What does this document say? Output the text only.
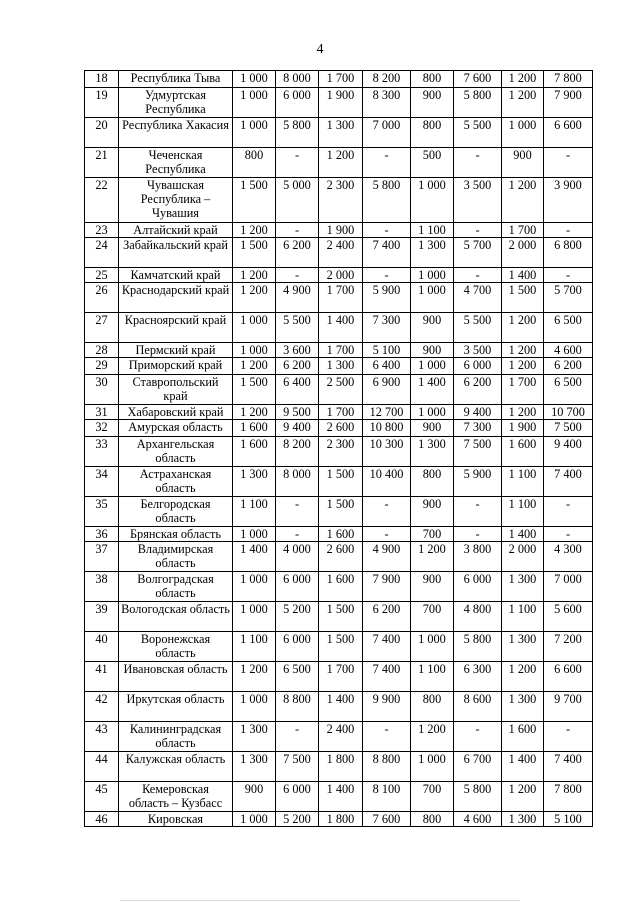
4
18	Республика Тыва	1 000	8 000	1 700	8 200	800	7 600	1 200	7 800
19	Удмуртская Республика	1 000	6 000	1 900	8 300	900	5 800	1 200	7 900
20	Республика Хакасия	1 000	5 800	1 300	7 000	800	5 500	1 000	6 600
21	Чеченская Республика	800	-	1 200	-	500	-	900	-
22	Чувашская Республика – Чувашия	1 500	5 000	2 300	5 800	1 000	3 500	1 200	3 900
23	Алтайский край	1 200	-	1 900	-	1 100	-	1 700	-
24	Забайкальский край	1 500	6 200	2 400	7 400	1 300	5 700	2 000	6 800
25	Камчатский край	1 200	-	2 000	-	1 000	-	1 400	-
26	Краснодарский край	1 200	4 900	1 700	5 900	1 000	4 700	1 500	5 700
27	Красноярский край	1 000	5 500	1 400	7 300	900	5 500	1 200	6 500
28	Пермский край	1 000	3 600	1 700	5 100	900	3 500	1 200	4 600
29	Приморский край	1 200	6 200	1 300	6 400	1 000	6 000	1 200	6 200
30	Ставропольский край	1 500	6 400	2 500	6 900	1 400	6 200	1 700	6 500
31	Хабаровский край	1 200	9 500	1 700	12 700	1 000	9 400	1 200	10 700
32	Амурская область	1 600	9 400	2 600	10 800	900	7 300	1 900	7 500
33	Архангельская область	1 600	8 200	2 300	10 300	1 300	7 500	1 600	9 400
34	Астраханская область	1 300	8 000	1 500	10 400	800	5 900	1 100	7 400
35	Белгородская область	1 100	-	1 500	-	900	-	1 100	-
36	Брянская область	1 000	-	1 600	-	700	-	1 400	-
37	Владимирская область	1 400	4 000	2 600	4 900	1 200	3 800	2 000	4 300
38	Волгоградская область	1 000	6 000	1 600	7 900	900	6 000	1 300	7 000
39	Вологодская область	1 000	5 200	1 500	6 200	700	4 800	1 100	5 600
40	Воронежская область	1 100	6 000	1 500	7 400	1 000	5 800	1 300	7 200
41	Ивановская область	1 200	6 500	1 700	7 400	1 100	6 300	1 200	6 600
42	Иркутская область	1 000	8 800	1 400	9 900	800	8 600	1 300	9 700
43	Калининградская область	1 300	-	2 400	-	1 200	-	1 600	-
44	Калужская область	1 300	7 500	1 800	8 800	1 000	6 700	1 400	7 400
45	Кемеровская область – Кузбасс	900	6 000	1 400	8 100	700	5 800	1 200	7 800
46	Кировская	1 000	5 200	1 800	7 600	800	4 600	1 300	5 100
